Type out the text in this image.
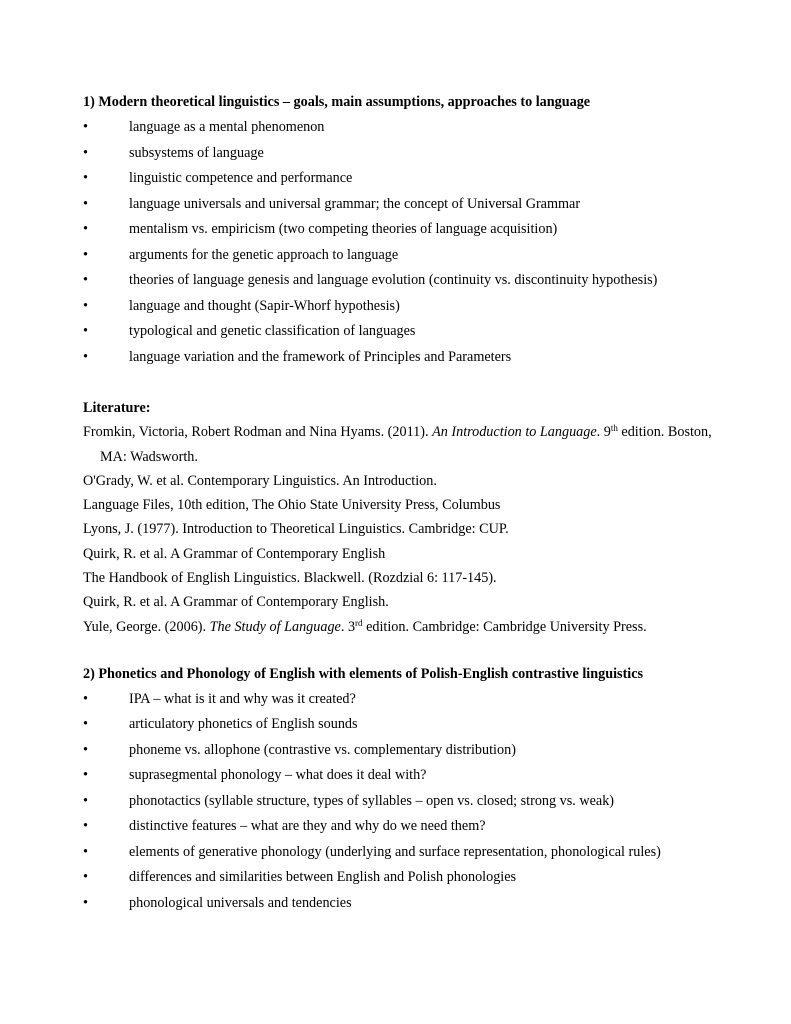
1) Modern theoretical linguistics – goals, main assumptions, approaches to language
•	language as a mental phenomenon
•	subsystems of language
•	linguistic competence and performance
•	language universals and universal grammar; the concept of Universal Grammar
•	mentalism vs. empiricism (two competing theories of language acquisition)
•	arguments for the genetic approach to language
•	theories of language genesis and language evolution (continuity vs. discontinuity hypothesis)
•	language and thought (Sapir-Whorf hypothesis)
•	typological and genetic classification of languages
•	language variation and the framework of Principles and Parameters
Literature:

Fromkin, Victoria, Robert Rodman and Nina Hyams. (2011). An Introduction to Language. 9th edition. Boston, MA: Wadsworth.

O'Grady, W. et al. Contemporary Linguistics. An Introduction.

Language Files, 10th edition, The Ohio State University Press, Columbus

Lyons, J. (1977). Introduction to Theoretical Linguistics. Cambridge: CUP.

Quirk, R. et al. A Grammar of Contemporary English

The Handbook of English Linguistics. Blackwell. (Rozdzial 6: 117-145).

Quirk, R. et al. A Grammar of Contemporary English.

Yule, George. (2006). The Study of Language. 3rd edition. Cambridge: Cambridge University Press.

2) Phonetics and Phonology of English with elements of Polish-English contrastive linguistics
•	IPA – what is it and why was it created?
•	articulatory phonetics of English sounds
•	phoneme vs. allophone (contrastive vs. complementary distribution)
•	suprasegmental phonology – what does it deal with?
•	phonotactics (syllable structure, types of syllables – open vs. closed; strong vs. weak)
•	distinctive features – what are they and why do we need them?
•	elements of generative phonology (underlying and surface representation, phonological rules)
•	differences and similarities between English and Polish phonologies
•	phonological universals and tendencies
